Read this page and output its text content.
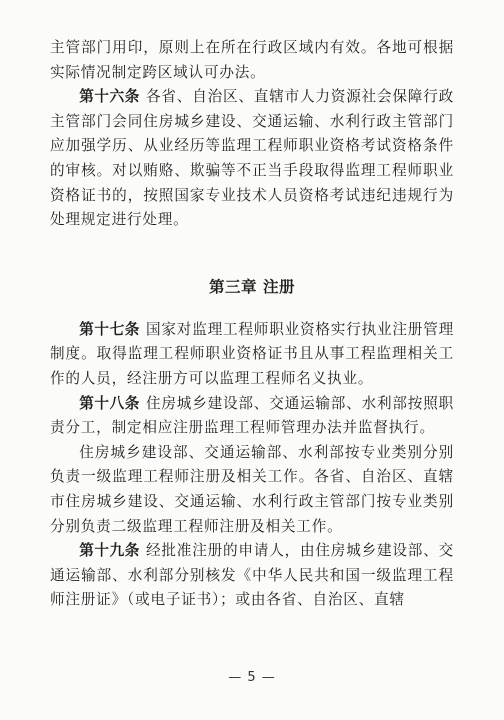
主管部门用印，原则上在所在行政区域内有效。各地可根据实际情况制定跨区域认可办法。

第十六条 各省、自治区、直辖市人力资源社会保障行政主管部门会同住房城乡建设、交通运输、水利行政主管部门应加强学历、从业经历等监理工程师职业资格考试资格条件的审核。对以贿赂、欺骗等不正当手段取得监理工程师职业资格证书的，按照国家专业技术人员资格考试违纪违规行为处理规定进行处理。

第三章 注册

第十七条 国家对监理工程师职业资格实行执业注册管理制度。取得监理工程师职业资格证书且从事工程监理相关工作的人员，经注册方可以监理工程师名义执业。

第十八条 住房城乡建设部、交通运输部、水利部按照职责分工，制定相应注册监理工程师管理办法并监督执行。

住房城乡建设部、交通运输部、水利部按专业类别分别负责一级监理工程师注册及相关工作。各省、自治区、直辖市住房城乡建设、交通运输、水利行政主管部门按专业类别分别负责二级监理工程师注册及相关工作。

第十九条 经批准注册的申请人，由住房城乡建设部、交通运输部、水利部分别核发《中华人民共和国一级监理工程师注册证》（或电子证书）；或由各省、自治区、直辖

— 5 —
